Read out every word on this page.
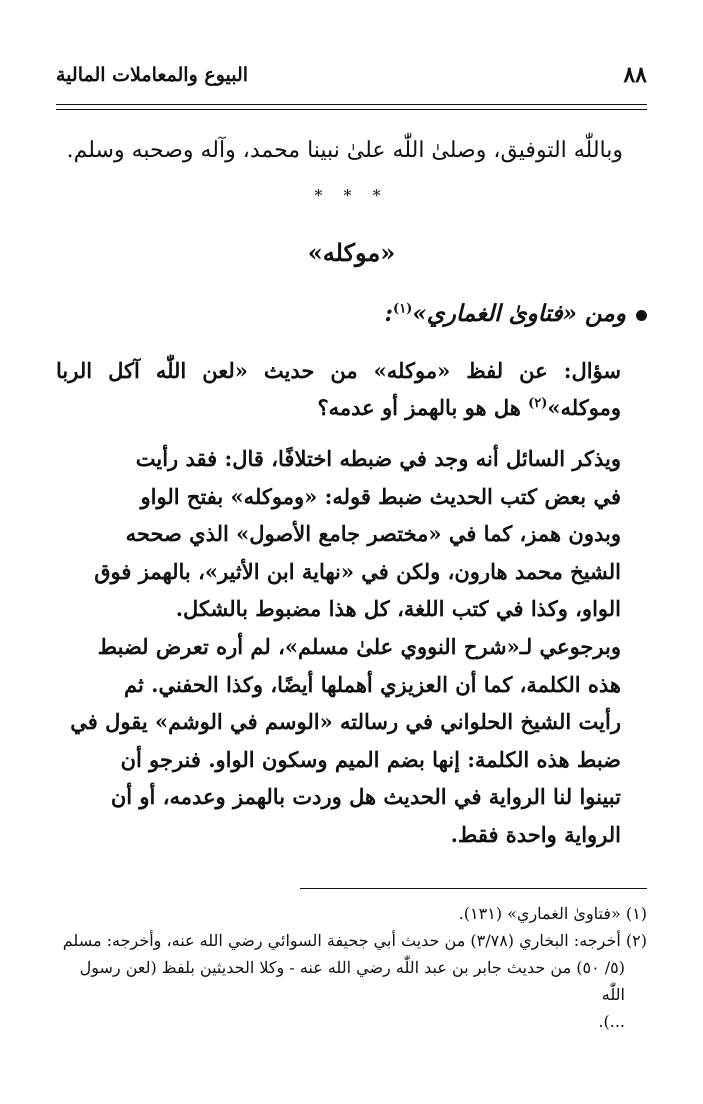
٨٨
البيوع والمعاملات المالية
وباللّٰه التوفيق، وصلىٰ اللّٰه علىٰ نبينا محمد، وآله وصحبه وسلم.
* * *
«موكله»
ومن «فتاوىٰ الغماري»$^{(١)}$:
سؤال: عن لفظ «موكله» من حديث «لعن اللّٰه آكل الربا وموكله»$^{(٢)}$ هل هو بالهمز أو عدمه؟
ويذكر السائل أنه وجد في ضبطه اختلافًا، قال: فقد رأيت
في بعض كتب الحديث ضبط قوله: «وموكله» بفتح الواو
وبدون همز، كما في «مختصر جامع الأصول» الذي صححه
الشيخ محمد هارون، ولكن في «نهاية ابن الأثير»، بالهمز فوق
الواو، وكذا في كتب اللغة، كل هذا مضبوط بالشكل.
وبرجوعي لـ«شرح النووي علىٰ مسلم»، لم أره تعرض لضبط
هذه الكلمة، كما أن العزيزي أهملها أيضًا، وكذا الحفني. ثم
رأيت الشيخ الحلواني في رسالته «الوسم في الوشم» يقول في
ضبط هذه الكلمة: إنها بضم الميم وسكون الواو. فنرجو أن
تبينوا لنا الرواية في الحديث هل وردت بالهمز وعدمه، أو أن
الرواية واحدة فقط.
(١) «فتاوىٰ الغماري» (١٣١).
(٢) أخرجه: البخاري (٣/٧٨) من حديث أبي جحيفة السوائي رضي الله عنه، وأخرجه: مسلم
(٥/ ٥٠) من حديث جابر بن عبد اللّٰه رضي الله عنه - وكلا الحديثين بلفظ (لعن رسول اللّٰه
...).
